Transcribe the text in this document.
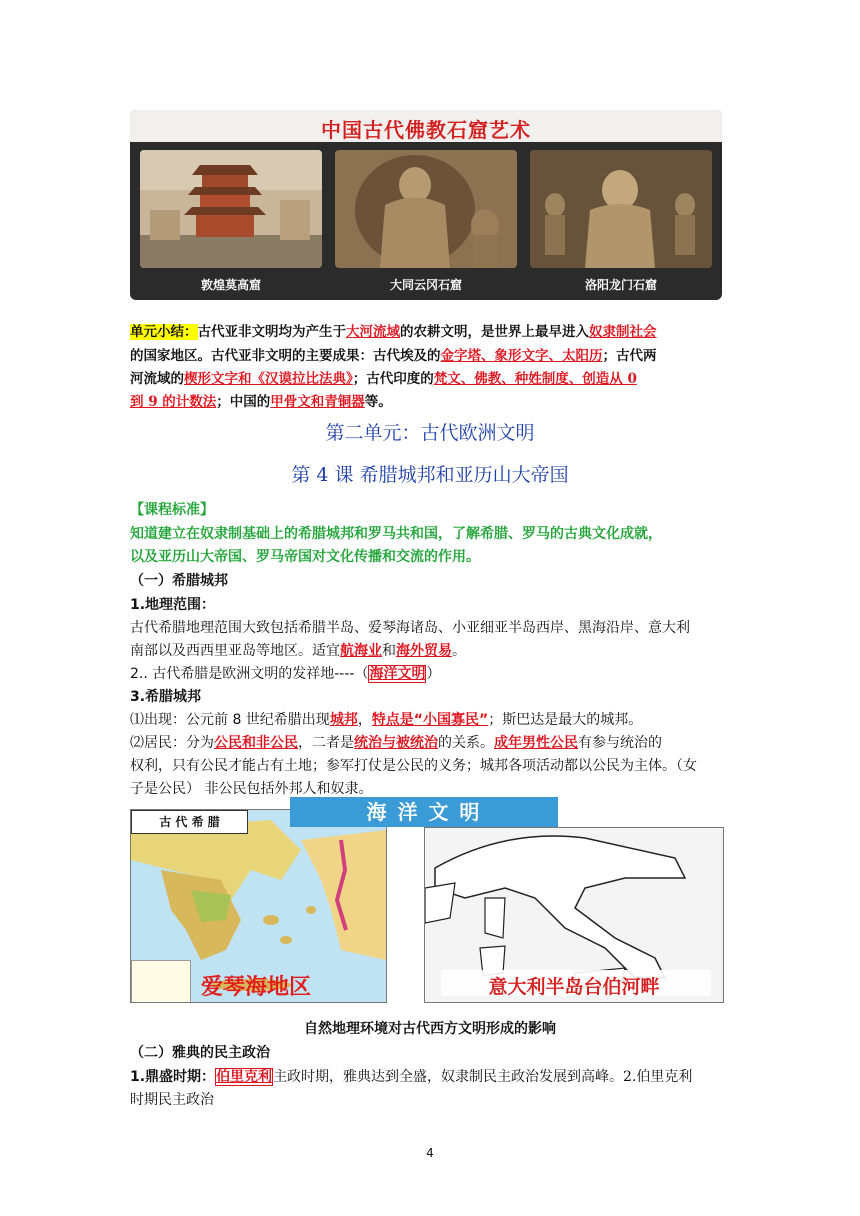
中国古代佛教石窟艺术
敦煌莫高窟	大同云冈石窟	洛阳龙门石窟
单元小结：古代亚非文明均为产生于大河流域的农耕文明，是世界上最早进入奴隶制社会
的国家地区。古代亚非文明的主要成果：古代埃及的金字塔、象形文字、太阳历；古代两
河流域的楔形文字和《汉谟拉比法典》；古代印度的梵文、佛教、种姓制度、创造从 0
到 9 的计数法；中国的甲骨文和青铜器等。
第二单元：古代欧洲文明
第 4 课 希腊城邦和亚历山大帝国
【课程标准】
知道建立在奴隶制基础上的希腊城邦和罗马共和国，了解希腊、罗马的古典文化成就，
以及亚历山大帝国、罗马帝国对文化传播和交流的作用。
（一）希腊城邦
1.地理范围：
古代希腊地理范围大致包括希腊半岛、爱琴海诸岛、小亚细亚半岛西岸、黑海沿岸、意大利
南部以及西西里亚岛等地区。适宜航海业和海外贸易。
2.. 古代希腊是欧洲文明的发祥地----（海洋文明）
3.希腊城邦
⑴出现：公元前 8 世纪希腊出现城邦，特点是“小国寡民”；斯巴达是最大的城邦。
⑵居民：分为公民和非公民，二者是统治与被统治的关系。成年男性公民有参与统治的
权利，只有公民才能占有土地；参军打仗是公民的义务；城邦各项活动都以公民为主体。（女
子是公民） 非公民包括外邦人和奴隶。
古 代 希 腊
爱琴海地区
海 洋 文 明
意大利半岛台伯河畔
自然地理环境对古代西方文明形成的影响
（二）雅典的民主政治
1.鼎盛时期：伯里克利主政时期，雅典达到全盛，奴隶制民主政治发展到高峰。2.伯里克利
时期民主政治
4
